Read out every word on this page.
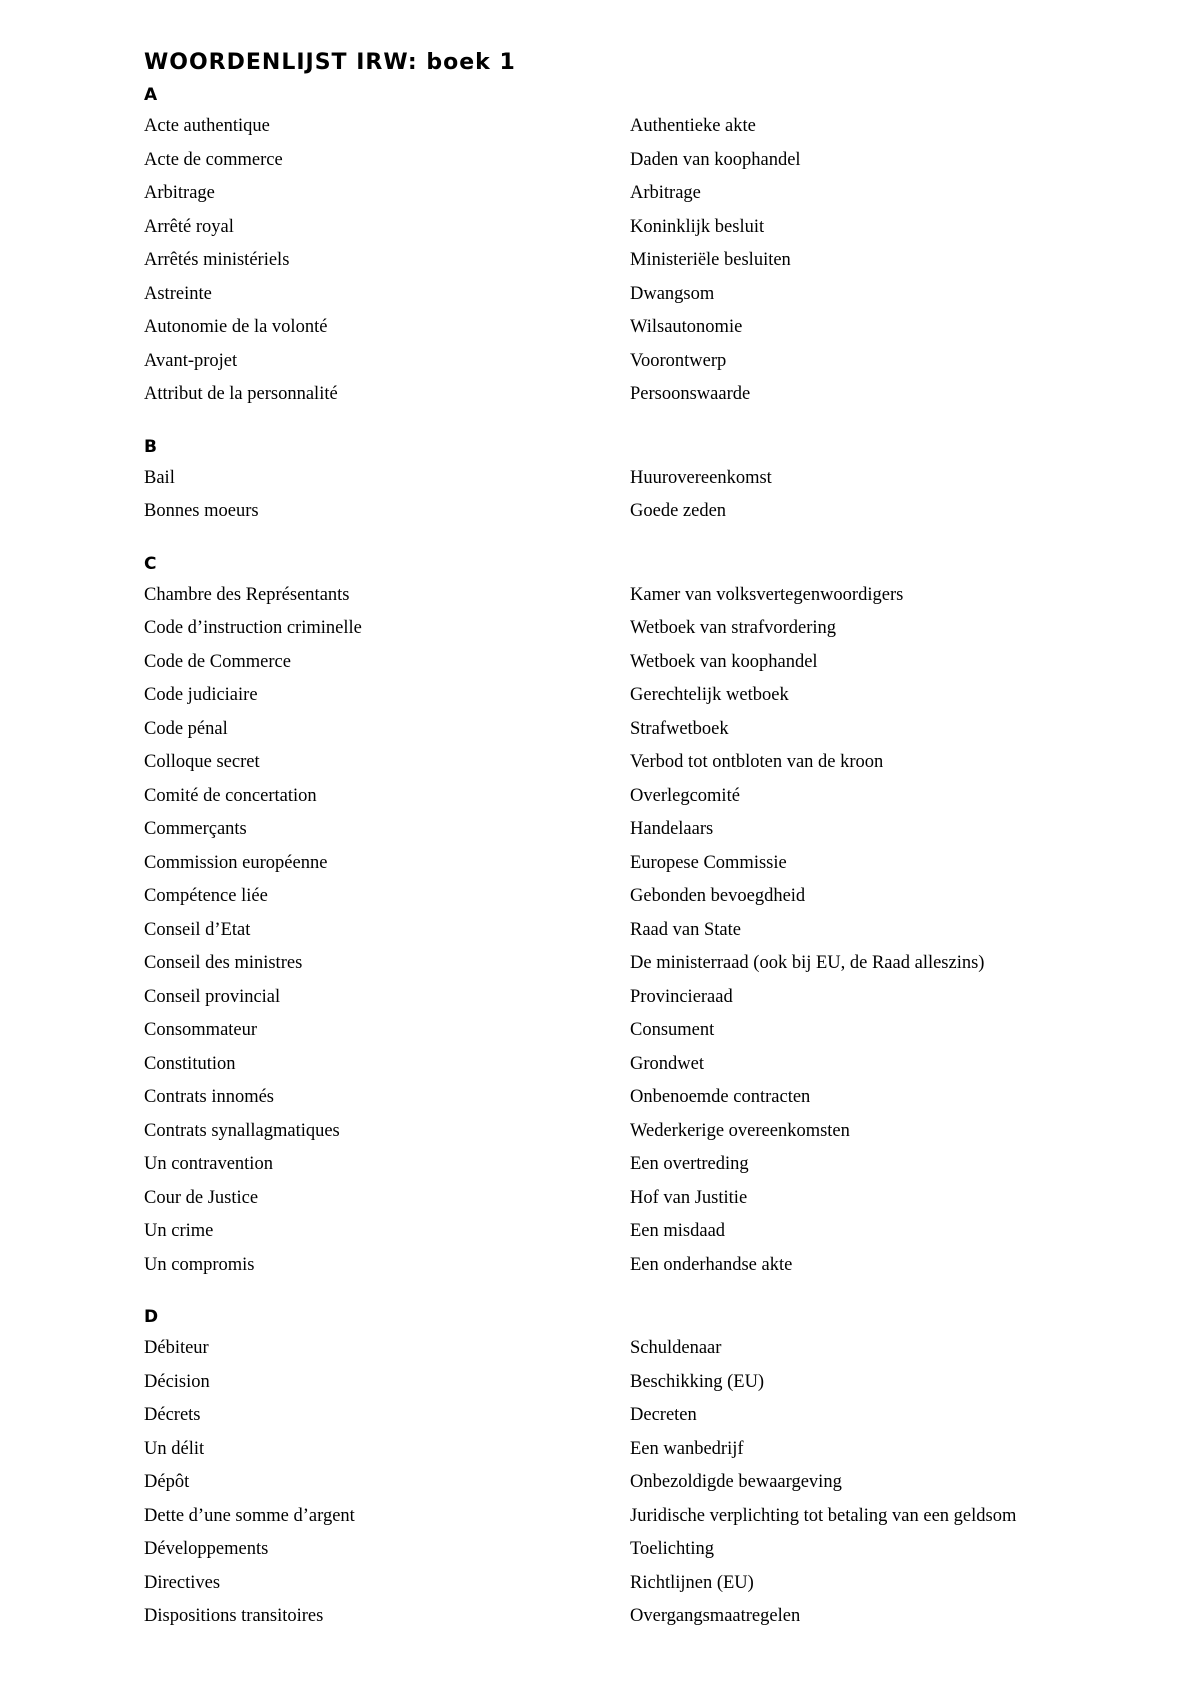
WOORDENLIJST IRW: boek 1
A
Acte authentique	Authentieke akte
Acte de commerce	Daden van koophandel
Arbitrage	Arbitrage
Arrêté royal	Koninklijk besluit
Arrêtés ministériels	Ministeriële besluiten
Astreinte	Dwangsom
Autonomie de la volonté	Wilsautonomie
Avant-projet	Voorontwerp
Attribut de la personnalité	Persoonswaarde
B
Bail	Huurovereenkomst
Bonnes moeurs	Goede zeden
C
Chambre des Représentants	Kamer van volksvertegenwoordigers
Code d’instruction criminelle	Wetboek van strafvordering
Code de Commerce	Wetboek van koophandel
Code judiciaire	Gerechtelijk wetboek
Code pénal	Strafwetboek
Colloque secret	Verbod tot ontbloten van de kroon
Comité de concertation	Overlegcomité
Commerçants	Handelaars
Commission européenne	Europese Commissie
Compétence liée	Gebonden bevoegdheid
Conseil d’Etat	Raad van State
Conseil des ministres	De ministerraad (ook bij EU, de Raad alleszins)
Conseil provincial	Provincieraad
Consommateur	Consument
Constitution	Grondwet
Contrats innomés	Onbenoemde contracten
Contrats synallagmatiques	Wederkerige overeenkomsten
Un contravention	Een overtreding
Cour de Justice	Hof van Justitie
Un crime	Een misdaad
Un compromis	Een onderhandse akte
D
Débiteur	Schuldenaar
Décision	Beschikking (EU)
Décrets	Decreten
Un délit	Een wanbedrijf
Dépôt	Onbezoldigde bewaargeving
Dette d’une somme d’argent	Juridische verplichting tot betaling van een geldsom
Développements	Toelichting
Directives	Richtlijnen (EU)
Dispositions transitoires	Overgangsmaatregelen
